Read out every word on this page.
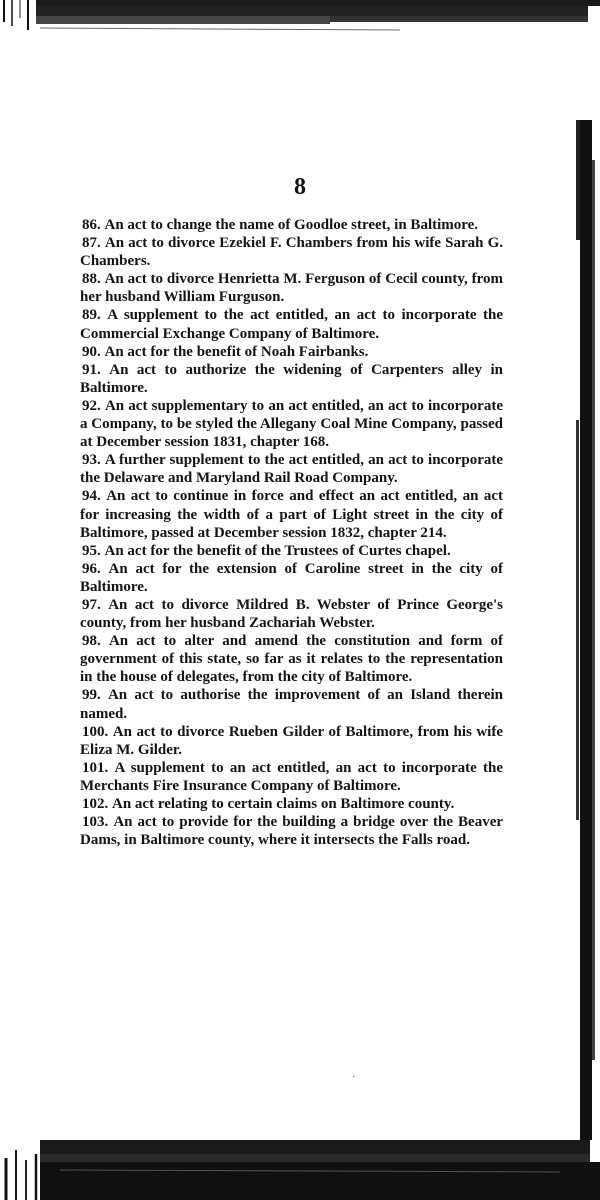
8

86. An act to change the name of Goodloe street, in Baltimore.

87. An act to divorce Ezekiel F. Chambers from his wife Sarah G. Chambers.

88. An act to divorce Henrietta M. Ferguson of Cecil county, from her husband William Furguson.

89. A supplement to the act entitled, an act to incorporate the Commercial Exchange Company of Baltimore.

90. An act for the benefit of Noah Fairbanks.

91. An act to authorize the widening of Carpenters alley in Baltimore.

92. An act supplementary to an act entitled, an act to incorporate a Company, to be styled the Allegany Coal Mine Company, passed at December session 1831, chapter 168.

93. A further supplement to the act entitled, an act to incorporate the Delaware and Maryland Rail Road Company.

94. An act to continue in force and effect an act entitled, an act for increasing the width of a part of Light street in the city of Baltimore, passed at December session 1832, chapter 214.

95. An act for the benefit of the Trustees of Curtes chapel.

96. An act for the extension of Caroline street in the city of Baltimore.

97. An act to divorce Mildred B. Webster of Prince George's county, from her husband Zachariah Webster.

98. An act to alter and amend the constitution and form of government of this state, so far as it relates to the representation in the house of delegates, from the city of Baltimore.

99. An act to authorise the improvement of an Island therein named.

100. An act to divorce Rueben Gilder of Baltimore, from his wife Eliza M. Gilder.

101. A supplement to an act entitled, an act to incorporate the Merchants Fire Insurance Company of Baltimore.

102. An act relating to certain claims on Baltimore county.

103. An act to provide for the building a bridge over the Beaver Dams, in Baltimore county, where it intersects the Falls road.

·
